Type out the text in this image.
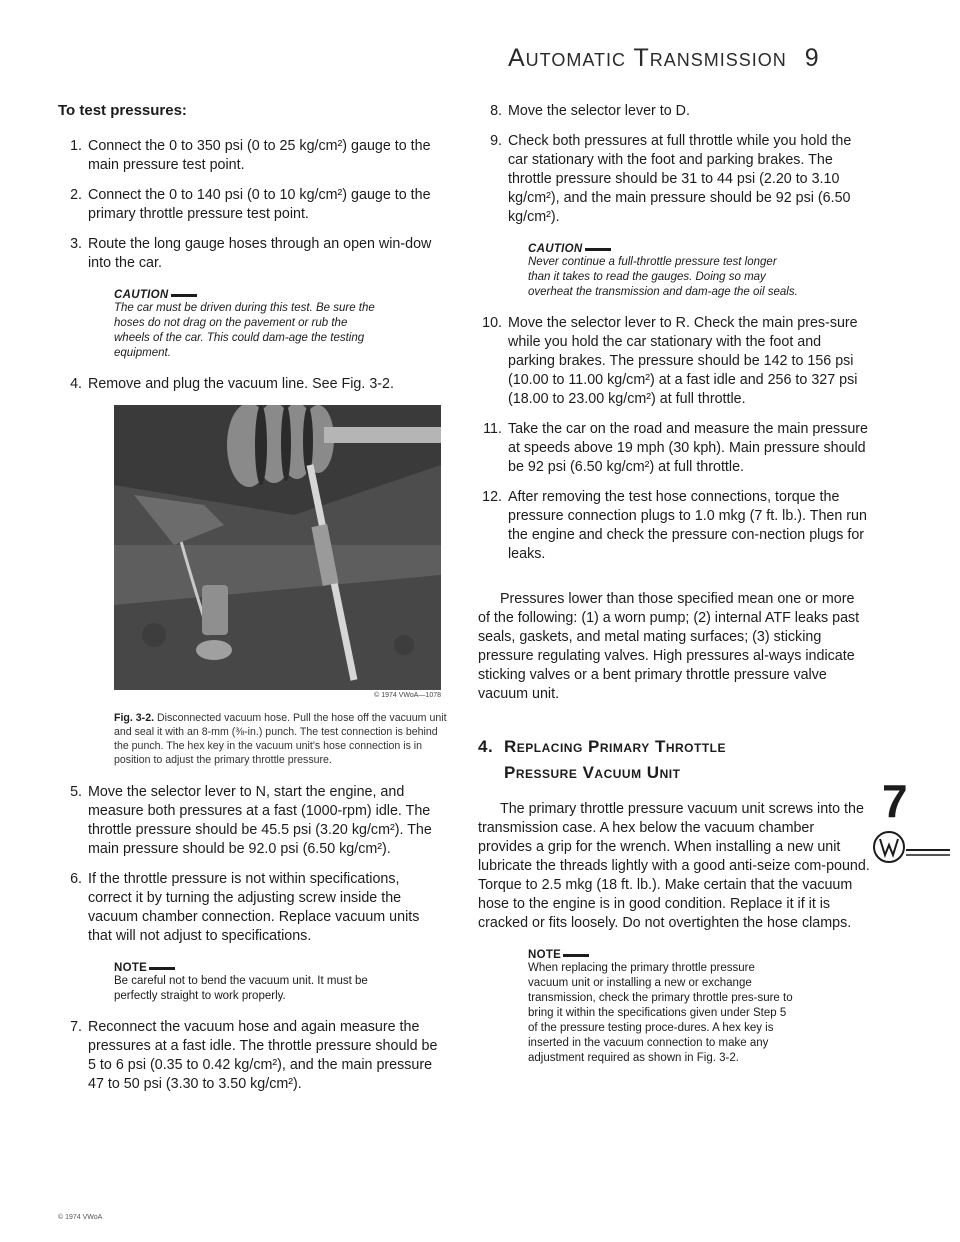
Automatic Transmission 9
To test pressures:
1. Connect the 0 to 350 psi (0 to 25 kg/cm²) gauge to the main pressure test point.
2. Connect the 0 to 140 psi (0 to 10 kg/cm²) gauge to the primary throttle pressure test point.
3. Route the long gauge hoses through an open win-dow into the car.
CAUTION
The car must be driven during this test. Be sure the hoses do not drag on the pavement or rub the wheels of the car. This could dam-age the testing equipment.
4. Remove and plug the vacuum line. See Fig. 3-2.
© 1974 VWoA—1078
Fig. 3-2. Disconnected vacuum hose. Pull the hose off the vacuum unit and seal it with an 8-mm (⅜-in.) punch. The test connection is behind the punch. The hex key in the vacuum unit's hose connection is in position to adjust the primary throttle pressure.
5. Move the selector lever to N, start the engine, and measure both pressures at a fast (1000-rpm) idle. The throttle pressure should be 45.5 psi (3.20 kg/cm²). The main pressure should be 92.0 psi (6.50 kg/cm²).
6. If the throttle pressure is not within specifications, correct it by turning the adjusting screw inside the vacuum chamber connection. Replace vacuum units that will not adjust to specifications.
NOTE
Be careful not to bend the vacuum unit. It must be perfectly straight to work properly.
7. Reconnect the vacuum hose and again measure the pressures at a fast idle. The throttle pressure should be 5 to 6 psi (0.35 to 0.42 kg/cm²), and the main pressure 47 to 50 psi (3.30 to 3.50 kg/cm²).
8. Move the selector lever to D.
9. Check both pressures at full throttle while you hold the car stationary with the foot and parking brakes. The throttle pressure should be 31 to 44 psi (2.20 to 3.10 kg/cm²), and the main pressure should be 92 psi (6.50 kg/cm²).
CAUTION
Never continue a full-throttle pressure test longer than it takes to read the gauges. Doing so may overheat the transmission and dam-age the oil seals.
10. Move the selector lever to R. Check the main pres-sure while you hold the car stationary with the foot and parking brakes. The pressure should be 142 to 156 psi (10.00 to 11.00 kg/cm²) at a fast idle and 256 to 327 psi (18.00 to 23.00 kg/cm²) at full throttle.
11. Take the car on the road and measure the main pressure at speeds above 19 mph (30 kph). Main pressure should be 92 psi (6.50 kg/cm²) at full throttle.
12. After removing the test hose connections, torque the pressure connection plugs to 1.0 mkg (7 ft. lb.). Then run the engine and check the pressure con-nection plugs for leaks.

Pressures lower than those specified mean one or more of the following: (1) a worn pump; (2) internal ATF leaks past seals, gaskets, and metal mating surfaces; (3) sticking pressure regulating valves. High pressures al-ways indicate sticking valves or a bent primary throttle pressure valve vacuum unit.

4. Replacing Primary Throttle
Pressure Vacuum Unit

The primary throttle pressure vacuum unit screws into the transmission case. A hex below the vacuum chamber provides a grip for the wrench. When installing a new unit lubricate the threads lightly with a good anti-seize com-pound. Torque to 2.5 mkg (18 ft. lb.). Make certain that the vacuum hose to the engine is in good condition. Replace it if it is cracked or fits loosely. Do not overtighten the hose clamps.

NOTE
When replacing the primary throttle pressure vacuum unit or installing a new or exchange transmission, check the primary throttle pres-sure to bring it within the specifications given under Step 5 of the pressure testing proce-dures. A hex key is inserted in the vacuum connection to make any adjustment required as shown in Fig. 3-2.
7
© 1974 VWoA
